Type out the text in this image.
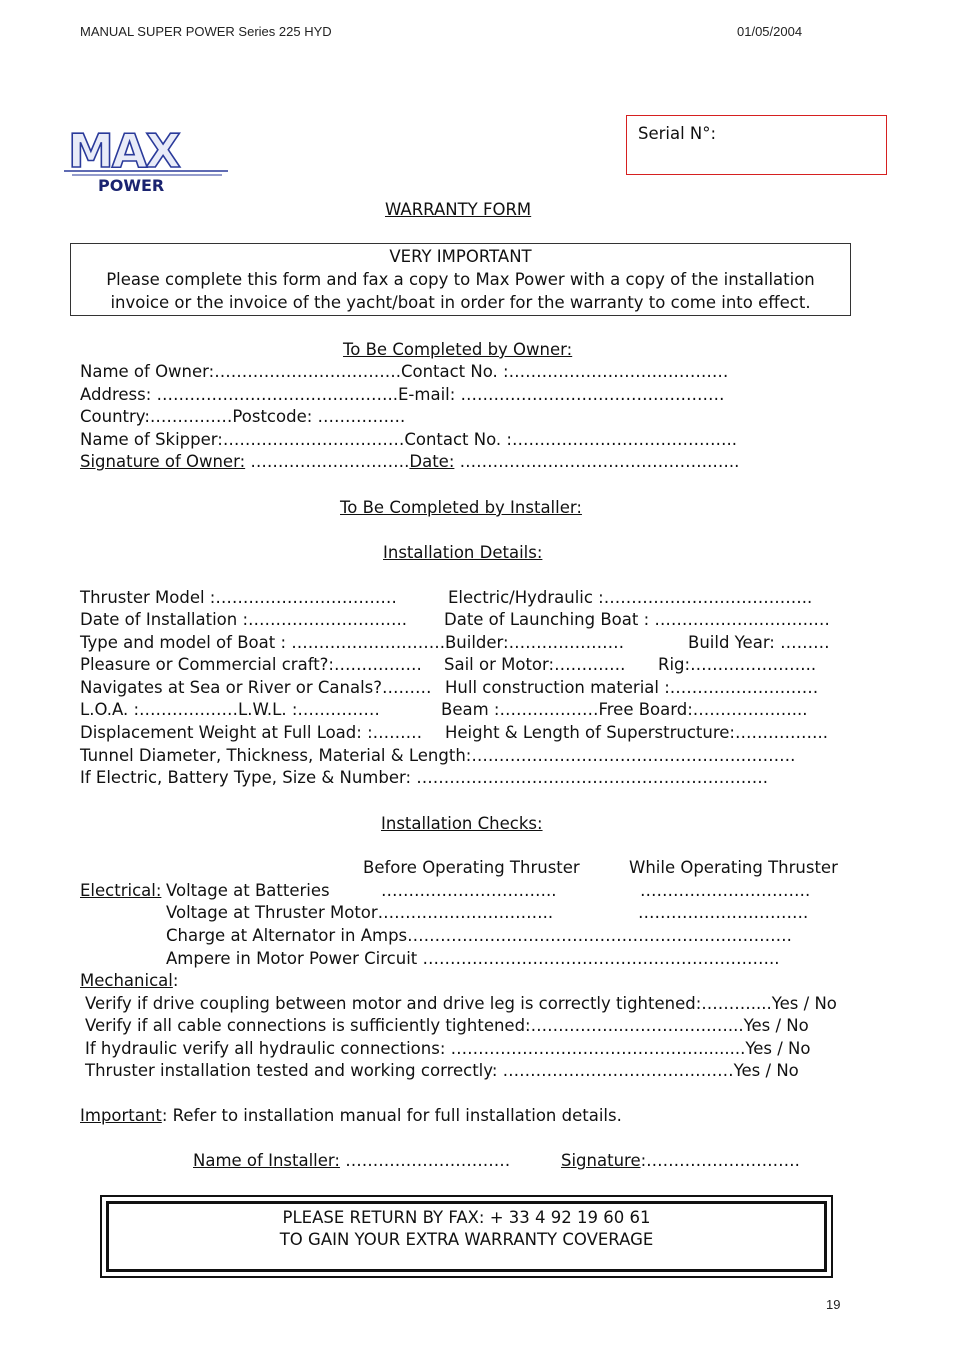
MANUAL SUPER POWER Series 225 HYD	01/05/2004

MAX
POWER

Serial N°:
WARRANTY FORM
VERY IMPORTANT
Please complete this form and fax a copy to Max Power with a copy of the installation
invoice or the invoice of the yacht/boat in order for the warranty to come into effect.
To Be Completed by Owner:
Name of Owner:…………………………….Contact No. :……………………….…………
Address: ……………………………………..E-mail: …………………………………………
Country:……………Postcode: …………….
Name of Skipper:……………………………Contact No. :…………………………………..
Signature of Owner: ………….…………….Date: ……………………………………….…..
To Be Completed by Installer:
Installation Details:
Thruster Model :……………………………	Electric/Hydraulic :………………………………..
Date of Installation :……………………….. Date of Launching Boat : ……………….……….…
Type and model of Boat : ……………………….Builder:…………………	Build Year: ………
Pleasure or Commercial craft?:……………. Sail or Motor:…………. Rig:…………………..
Navigates at Sea or River or Canals?……… Hull construction material :………………………
L.O.A. :………………L.W.L. :……………	Beam :………………Free Board:………………...
Displacement Weight at Full Load: :……… Height & Length of Superstructure:……………..
Tunnel Diameter, Thickness, Material & Length:………………………………………….……….
If Electric, Battery Type, Size & Number: ……………………………………………………….
Installation Checks:
Before Operating Thruster	While Operating Thruster
Electrical: Voltage at Batteries	…………………………..	………………………….
Voltage at Thruster Motor…………………………..	………………………….
Charge at Alternator in Amps…………………………………………………………….
Ampere in Motor Power Circuit ………………………………………………………..
Mechanical:
Verify if drive coupling between motor and drive leg is correctly tightened:………....Yes / No
Verify if all cable connections is sufficiently tightened:……………..…………….…...Yes / No
If hydraulic verify all hydraulic connections: ……………………………………….........Yes / No
Thruster installation tested and working correctly: ……………………………………Yes / No
Important: Refer to installation manual for full installation details.
Name of Installer: …………………………	Signature:……………………….
PLEASE RETURN BY FAX: + 33 4 92 19 60 61
TO GAIN YOUR EXTRA WARRANTY COVERAGE
19
